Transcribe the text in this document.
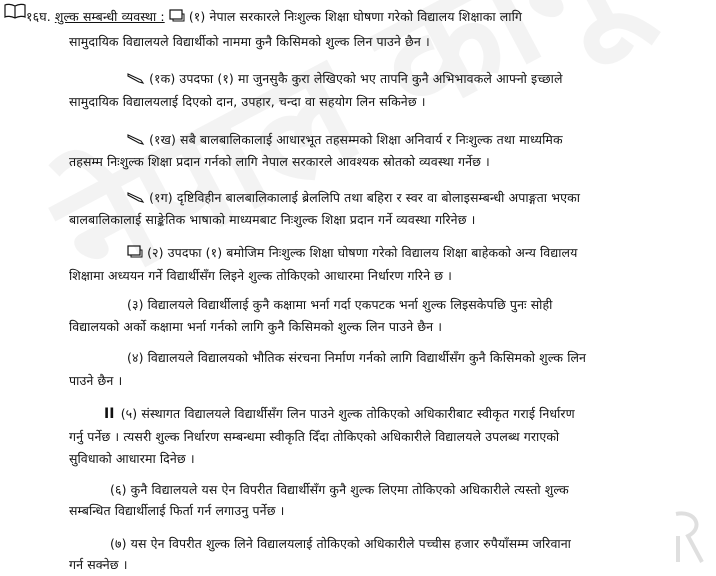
१६घ. शुल्क सम्बन्धी व्यवस्था : (१) नेपाल सरकारले निःशुल्क शिक्षा घोषणा गरेको विद्यालय शिक्षाका लागि
सामुदायिक विद्यालयले विद्यार्थीको नाममा कुनै किसिमको शुल्क लिन पाउने छैन ।
(१क) उपदफा (१) मा जुनसुकै कुरा लेखिएको भए तापनि कुनै अभिभावकले आफ्नो इच्छाले
सामुदायिक विद्यालयलाई दिएको दान, उपहार, चन्दा वा सहयोग लिन सकिनेछ ।
(१ख) सबै बालबालिकालाई आधारभूत तहसम्मको शिक्षा अनिवार्य र निःशुल्क तथा माध्यमिक
तहसम्म निःशुल्क शिक्षा प्रदान गर्नको लागि नेपाल सरकारले आवश्यक स्रोतको व्यवस्था गर्नेछ ।
(१ग) दृष्टिविहीन बालबालिकालाई ब्रेललिपि तथा बहिरा र स्वर वा बोलाइसम्बन्धी अपाङ्गता भएका
बालबालिकालाई साङ्केतिक भाषाको माध्यमबाट निःशुल्क शिक्षा प्रदान गर्ने व्यवस्था गरिनेछ ।
(२) उपदफा (१) बमोजिम निःशुल्क शिक्षा घोषणा गरेको विद्यालय शिक्षा बाहेकको अन्य विद्यालय
शिक्षामा अध्ययन गर्ने विद्यार्थीसँग लिइने शुल्क तोकिएको आधारमा निर्धारण गरिने छ ।
(३) विद्यालयले विद्यार्थीलाई कुनै कक्षामा भर्ना गर्दा एकपटक भर्ना शुल्क लिइसकेपछि पुनः सोही
विद्यालयको अर्को कक्षामा भर्ना गर्नको लागि कुनै किसिमको शुल्क लिन पाउने छैन ।
(४) विद्यालयले विद्यालयको भौतिक संरचना निर्माण गर्नको लागि विद्यार्थीसँग कुनै किसिमको शुल्क लिन
पाउने छैन ।
II (५) संस्थागत विद्यालयले विद्यार्थीसँग लिन पाउने शुल्क तोकिएको अधिकारीबाट स्वीकृत गराई निर्धारण
गर्नु पर्नेछ । त्यसरी शुल्क निर्धारण सम्बन्धमा स्वीकृति दिँदा तोकिएको अधिकारीले विद्यालयले उपलब्ध गराएको
सुविधाको आधारमा दिनेछ ।
(६) कुनै विद्यालयले यस ऐन विपरीत विद्यार्थीसँग कुनै शुल्क लिएमा तोकिएको अधिकारीले त्यस्तो शुल्क
सम्बन्धित विद्यार्थीलाई फिर्ता गर्न लगाउनु पर्नेछ ।
(७) यस ऐन विपरीत शुल्क लिने विद्यालयलाई तोकिएको अधिकारीले पच्चीस हजार रुपैयाँसम्म जरिवाना
गर्न सक्नेछ ।
